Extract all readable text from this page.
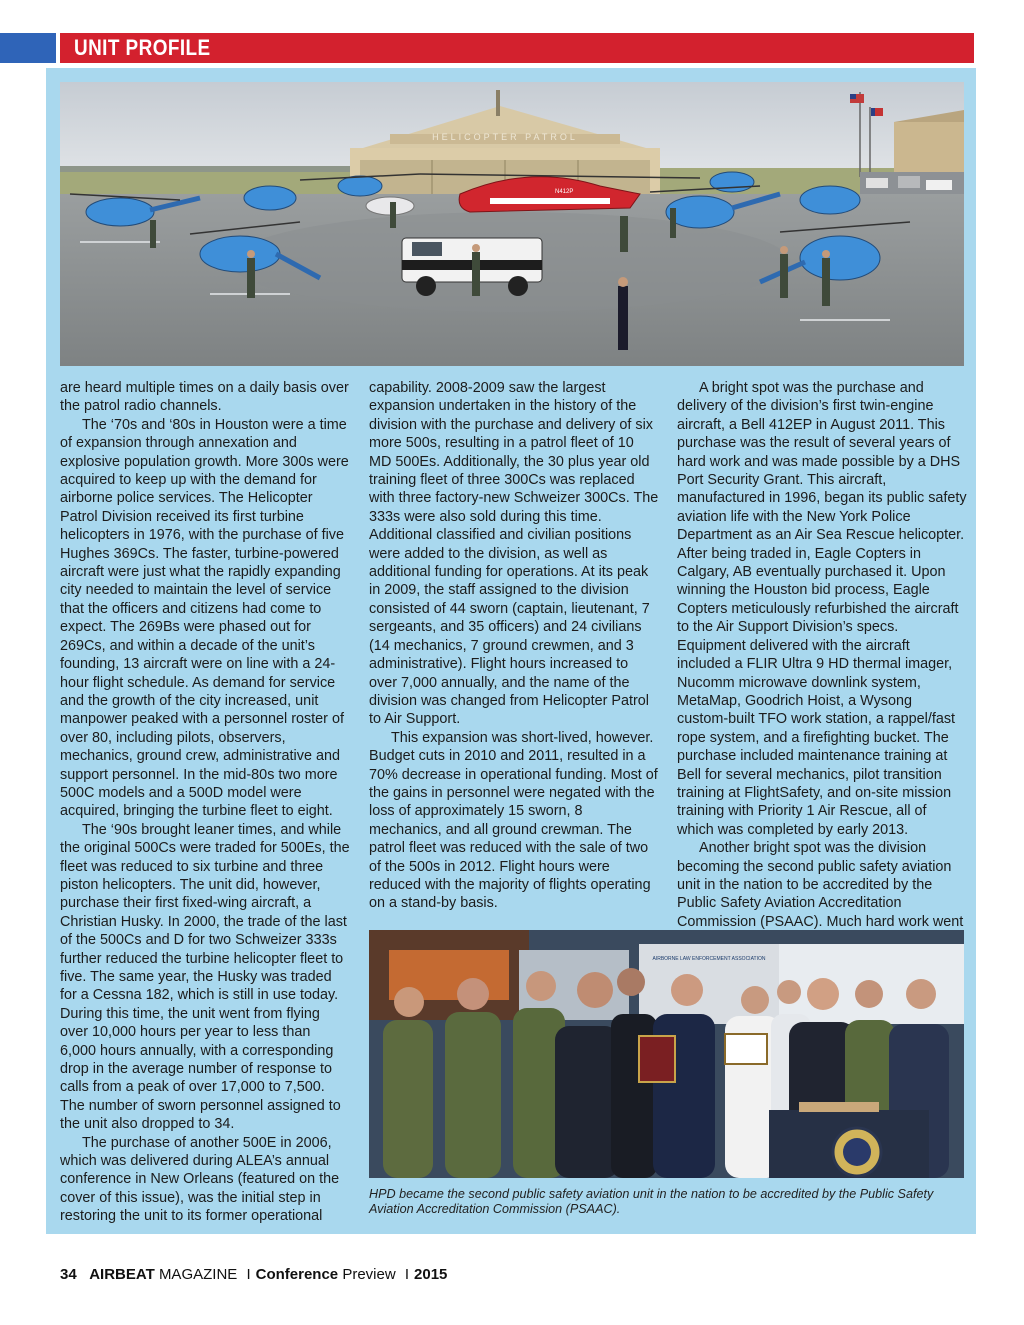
UNIT PROFILE
HELICOPTER PATROL
N412P

are heard multiple times on a daily basis over the patrol radio channels.

The ‘70s and ‘80s in Houston were a time of expansion through annexation and explosive population growth. More 300s were acquired to keep up with the demand for airborne police services. The Helicopter Patrol Division received its first turbine helicopters in 1976, with the purchase of five Hughes 369Cs. The faster, turbine-powered aircraft were just what the rapidly expanding city needed to maintain the level of service that the officers and citizens had come to expect. The 269Bs were phased out for 269Cs, and within a decade of the unit’s founding, 13 aircraft were on line with a 24-hour flight schedule. As demand for service and the growth of the city increased, unit manpower peaked with a personnel roster of over 80, including pilots, observers, mechanics, ground crew, administrative and support personnel. In the mid-80s two more 500C models and a 500D model were acquired, bringing the turbine fleet to eight.

The ‘90s brought leaner times, and while the original 500Cs were traded for 500Es, the fleet was reduced to six turbine and three piston helicopters. The unit did, however, purchase their first fixed-wing aircraft, a Christian Husky. In 2000, the trade of the last of the 500Cs and D for two Schweizer 333s further reduced the turbine helicopter fleet to five. The same year, the Husky was traded for a Cessna 182, which is still in use today. During this time, the unit went from flying over 10,000 hours per year to less than 6,000 hours annually, with a corresponding drop in the average number of response to calls from a peak of over 17,000 to 7,500. The number of sworn personnel assigned to the unit also dropped to 34.

The purchase of another 500E in 2006, which was delivered during ALEA’s annual conference in New Orleans (featured on the cover of this issue), was the initial step in restoring the unit to its former operational

capability. 2008-2009 saw the largest expansion undertaken in the history of the division with the purchase and delivery of six more 500s, resulting in a patrol fleet of 10 MD 500Es. Additionally, the 30 plus year old training fleet of three 300Cs was replaced with three factory-new Schweizer 300Cs. The 333s were also sold during this time. Additional classified and civilian positions were added to the division, as well as additional funding for operations. At its peak in 2009, the staff assigned to the division consisted of 44 sworn (captain, lieutenant, 7 sergeants, and 35 officers) and 24 civilians (14 mechanics, 7 ground crewmen, and 3 administrative). Flight hours increased to over 7,000 annually, and the name of the division was changed from Helicopter Patrol to Air Support.

This expansion was short-lived, however. Budget cuts in 2010 and 2011, resulted in a 70% decrease in operational funding. Most of the gains in personnel were negated with the loss of approximately 15 sworn, 8 mechanics, and all ground crewman. The patrol fleet was reduced with the sale of two of the 500s in 2012. Flight hours were reduced with the majority of flights operating on a stand-by basis.

A bright spot was the purchase and delivery of the division’s first twin-engine aircraft, a Bell 412EP in August 2011. This purchase was the result of several years of hard work and was made possible by a DHS Port Security Grant. This aircraft, manufactured in 1996, began its public safety aviation life with the New York Police Department as an Air Sea Rescue helicopter. After being traded in, Eagle Copters in Calgary, AB eventually purchased it. Upon winning the Houston bid process, Eagle Copters meticulously refurbished the aircraft to the Air Support Division’s specs. Equipment delivered with the aircraft included a FLIR Ultra 9 HD thermal imager, Nucomm microwave downlink system, MetaMap, Goodrich Hoist, a Wysong custom-built TFO work station, a rappel/fast rope system, and a firefighting bucket. The purchase included maintenance training at Bell for several mechanics, pilot transition training at FlightSafety, and on-site mission training with Priority 1 Air Rescue, all of which was completed by early 2013.

Another bright spot was the division becoming the second public safety aviation unit in the nation to be accredited by the Public Safety Aviation Accreditation Commission (PSAAC). Much hard work went

AIRBORNE LAW ENFORCEMENT ASSOCIATION
HPD became the second public safety aviation unit in the nation to be accredited by the Public Safety Aviation Accreditation Commission (PSAAC).
34 AIRBEAT MAGAZINE I Conference Preview I 2015
